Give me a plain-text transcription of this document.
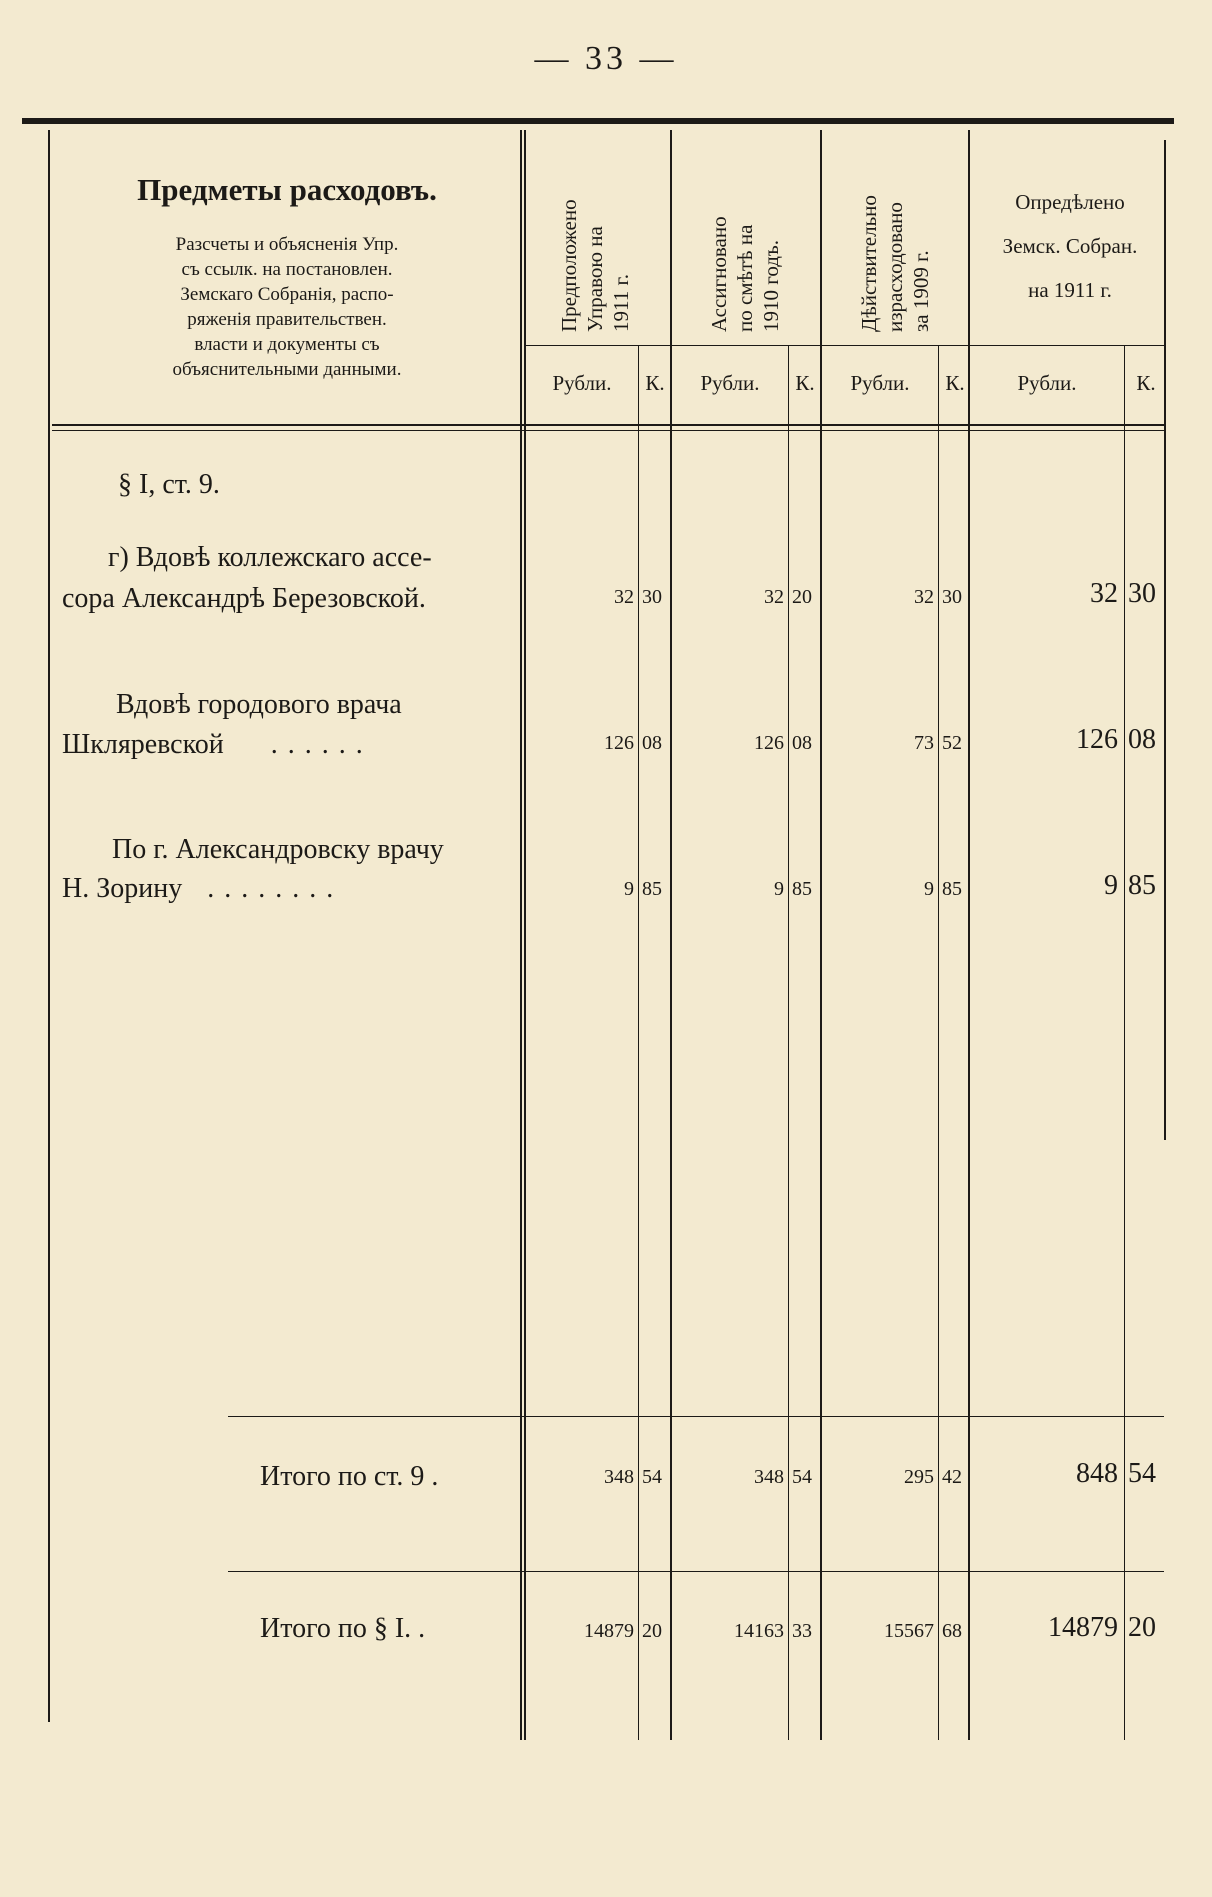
— 33 —
Предметы расходовъ.
Разсчеты и объясненія Упр.
съ ссылк. на постановлен.
Земскаго Собранія, распо-
ряженія правительствен.
власти и документы съ
объяснительными данными.
Предположено Управою на 1911 г.	Ассигновано по смѣтѣ на 1910 годъ.	Дѣйствительно израсходовано за 1909 г.
Опредѣлено
Земск. Собран.
на 1911 г.
Рубли.	К.	Рубли.	К.	Рубли.	К.	Рубли.	К.
§ I, ст. 9.
г) Вдовѣ коллежскаго ассе-
сора Александрѣ Березовской.	32 30	32 20	32 30	32 30
Вдовѣ городового врача
Шкляревской ......	126 08	126 08	73 52	126 08
По г. Александровску врачу
Н. Зорину ........	9 85	9 85	9 85	9 85
Итого по ст. 9 .	348 54	348 54	295 42	848 54
Итого по § I. .	14879 20	14163 33	15567 68	14879 20
